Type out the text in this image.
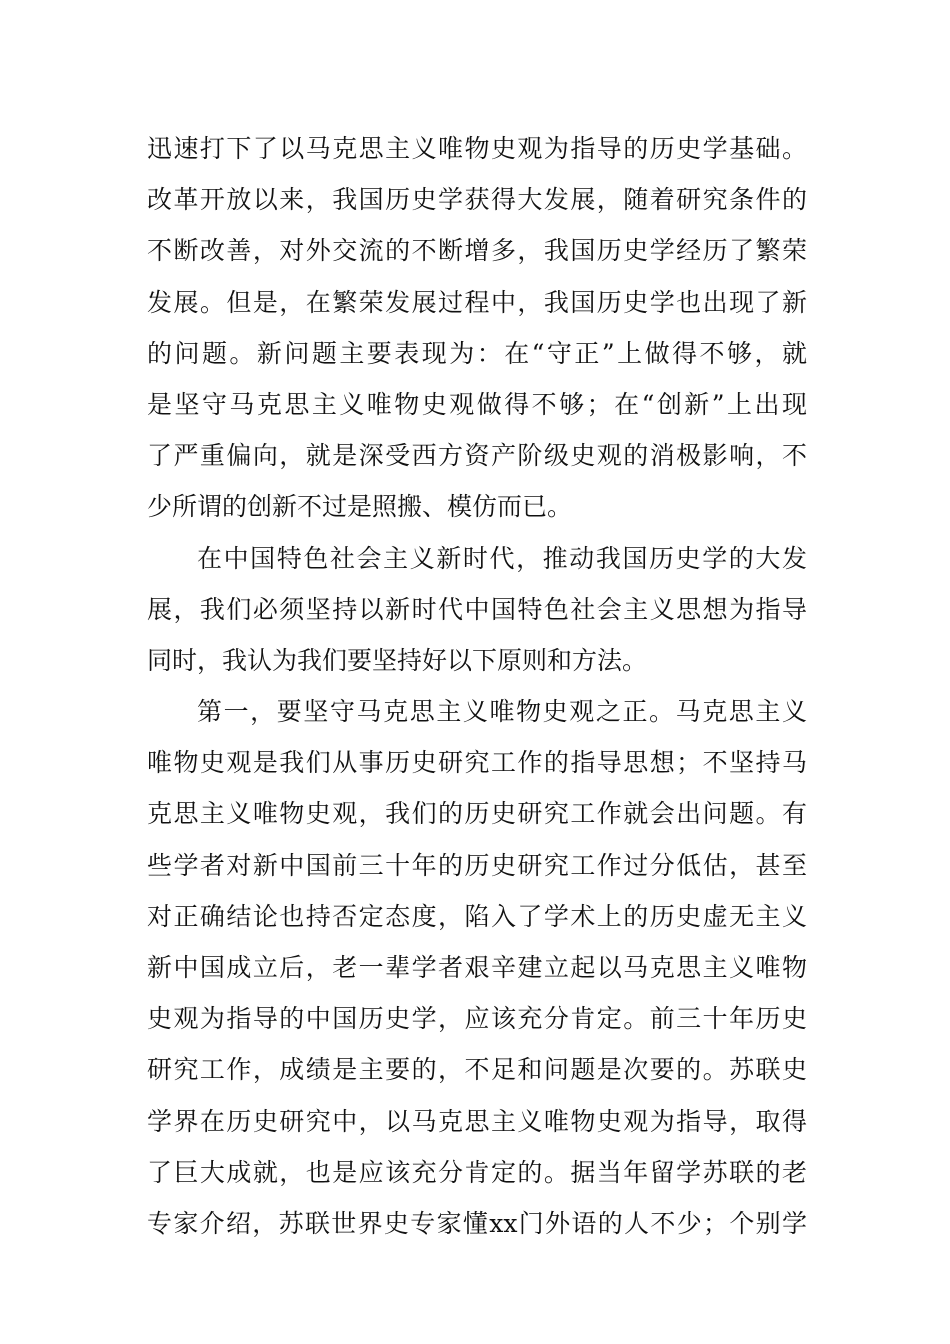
迅速打下了以马克思主义唯物史观为指导的历史学基础。
改革开放以来，我国历史学获得大发展，随着研究条件的
不断改善，对外交流的不断增多，我国历史学经历了繁荣
发展。但是，在繁荣发展过程中，我国历史学也出现了新
的问题。新问题主要表现为：在“守正”上做得不够，就
是坚守马克思主义唯物史观做得不够；在“创新”上出现
了严重偏向，就是深受西方资产阶级史观的消极影响，不
少所谓的创新不过是照搬、模仿而已。
在中国特色社会主义新时代，推动我国历史学的大发
展，我们必须坚持以新时代中国特色社会主义思想为指导
同时，我认为我们要坚持好以下原则和方法。
第一，要坚守马克思主义唯物史观之正。马克思主义
唯物史观是我们从事历史研究工作的指导思想；不坚持马
克思主义唯物史观，我们的历史研究工作就会出问题。有
些学者对新中国前三十年的历史研究工作过分低估，甚至
对正确结论也持否定态度，陷入了学术上的历史虚无主义
新中国成立后，老一辈学者艰辛建立起以马克思主义唯物
史观为指导的中国历史学，应该充分肯定。前三十年历史
研究工作，成绩是主要的，不足和问题是次要的。苏联史
学界在历史研究中，以马克思主义唯物史观为指导，取得
了巨大成就，也是应该充分肯定的。据当年留学苏联的老
专家介绍，苏联世界史专家懂xx门外语的人不少；个别学
